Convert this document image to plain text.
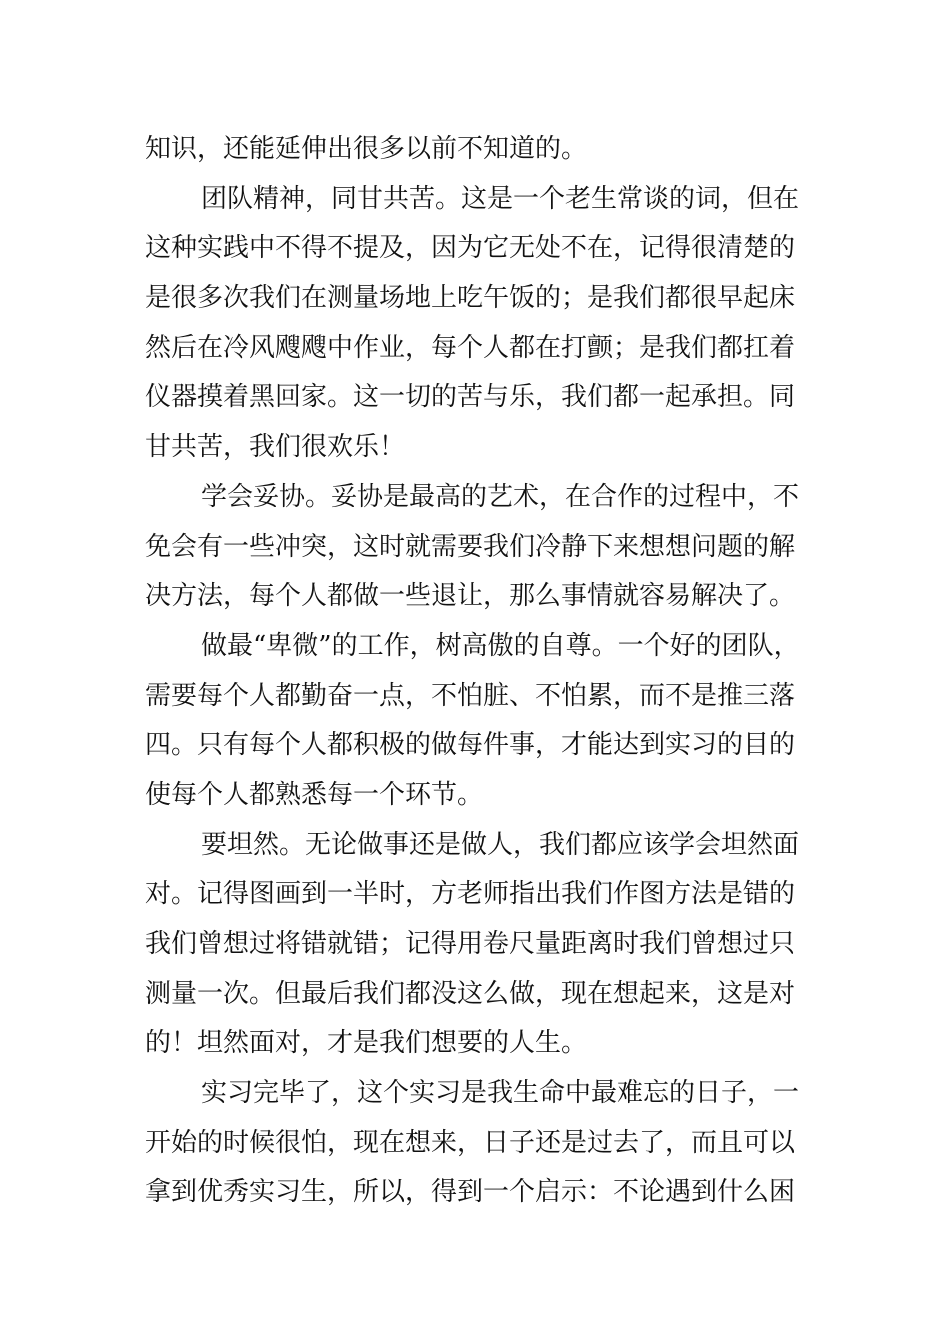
知识，还能延伸出很多以前不知道的。
团队精神，同甘共苦。这是一个老生常谈的词，但在
这种实践中不得不提及，因为它无处不在，记得很清楚的
是很多次我们在测量场地上吃午饭的；是我们都很早起床
然后在冷风飕飕中作业，每个人都在打颤；是我们都扛着
仪器摸着黑回家。这一切的苦与乐，我们都一起承担。同
甘共苦，我们很欢乐！
学会妥协。妥协是最高的艺术，在合作的过程中，不
免会有一些冲突，这时就需要我们冷静下来想想问题的解
决方法，每个人都做一些退让，那么事情就容易解决了。
做最“卑微”的工作，树高傲的自尊。一个好的团队，
需要每个人都勤奋一点，不怕脏、不怕累，而不是推三落
四。只有每个人都积极的做每件事，才能达到实习的目的
使每个人都熟悉每一个环节。
要坦然。无论做事还是做人，我们都应该学会坦然面
对。记得图画到一半时，方老师指出我们作图方法是错的
我们曾想过将错就错；记得用卷尺量距离时我们曾想过只
测量一次。但最后我们都没这么做，现在想起来，这是对
的！坦然面对，才是我们想要的人生。
实习完毕了，这个实习是我生命中最难忘的日子，一
开始的时候很怕，现在想来，日子还是过去了，而且可以
拿到优秀实习生，所以，得到一个启示：不论遇到什么困
